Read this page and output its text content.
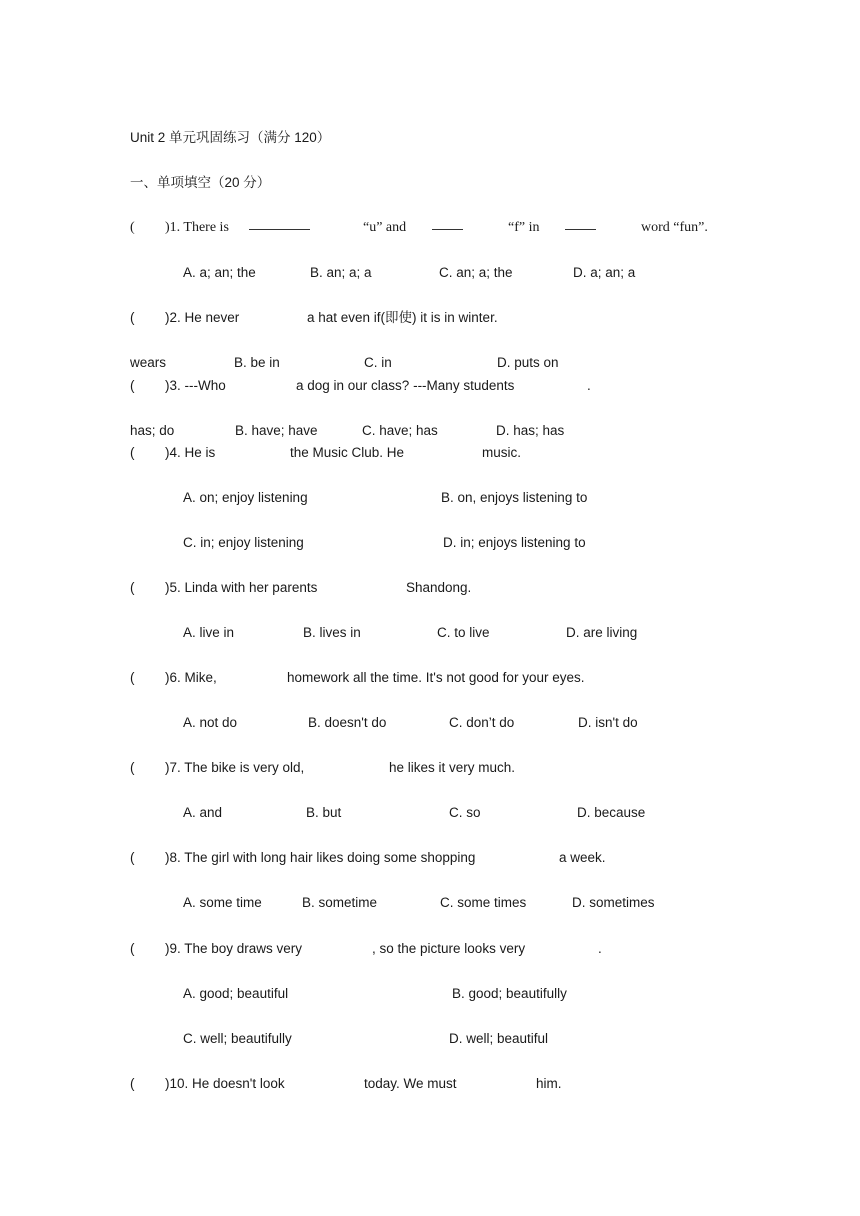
Unit 2 单元巩固练习（满分 120）
一、单项填空（20 分）
( )1. There is	“u” and	“f” in	word “fun”.
A. a; an; the	B. an; a; a	C. an; a; the	D. a; an; a
( )2. He never	a hat even if(即使) it is in winter.
wears	B. be in	C. in	D. puts on
( )3. ---Who	a dog in our class? ---Many students	.
has; do	B. have; have	C. have; has	D. has; has
( )4. He is	the Music Club. He	music.
A. on; enjoy listening	B. on, enjoys listening to
C. in; enjoy listening	D. in; enjoys listening to
( )5. Linda with her parents	Shandong.
A. live in	B. lives in	C. to live	D. are living
( )6. Mike,	homework all the time. It's not good for your eyes.
A. not do	B. doesn't do	C. don’t do	D. isn't do
( )7. The bike is very old,	he likes it very much.
A. and	B. but	C. so	D. because
( )8. The girl with long hair likes doing some shopping	a week.
A. some time	B. sometime	C. some times	D. sometimes
( )9. The boy draws very	, so the picture looks very	.
A. good; beautiful	B. good; beautifully
C. well; beautifully	D. well; beautiful
( )10. He doesn't look	today. We must	him.
